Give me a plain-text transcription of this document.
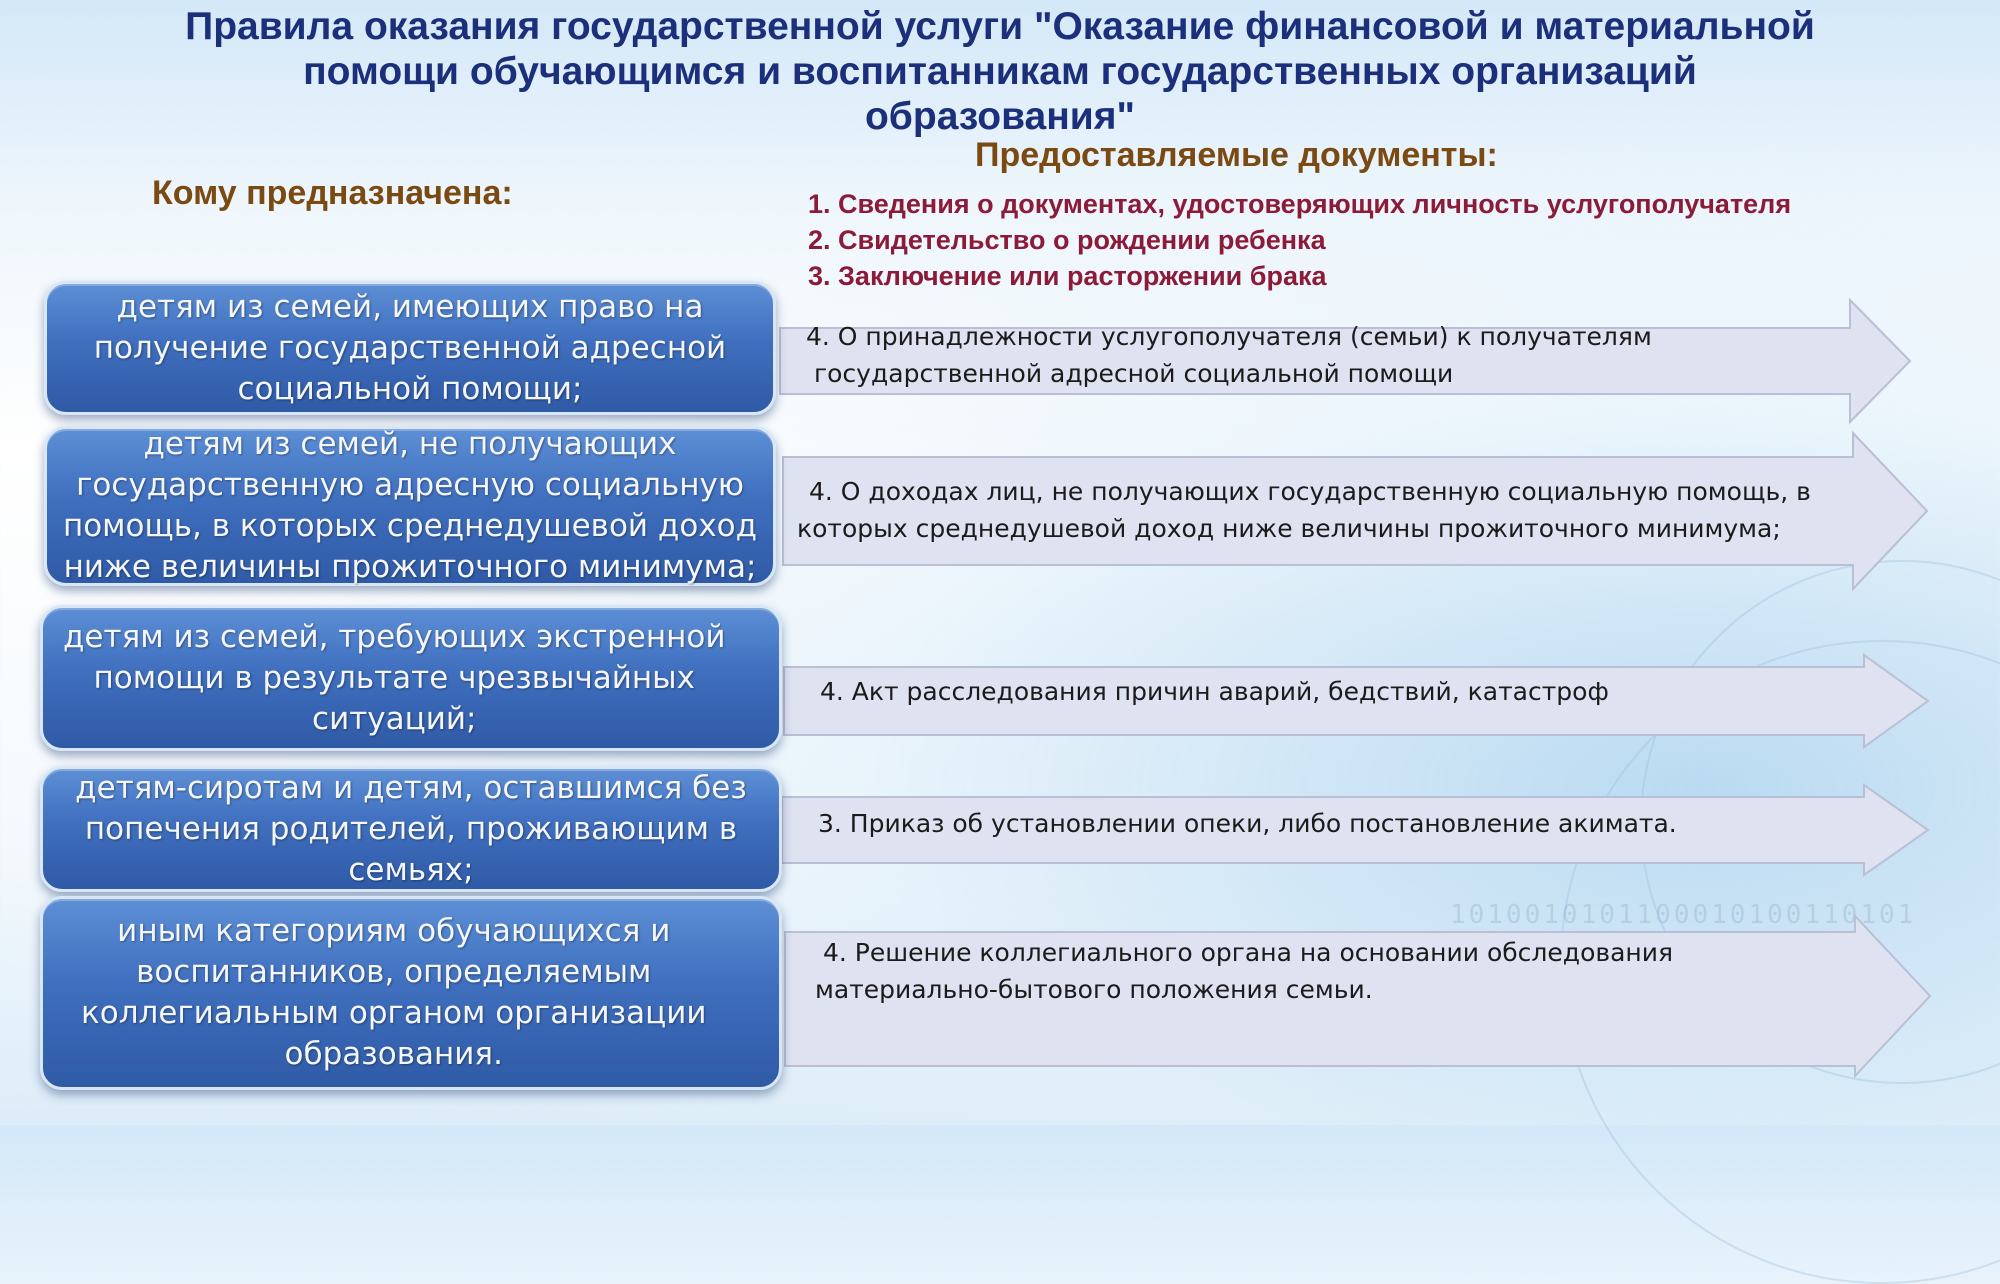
1010010101100010100110101
Правила оказания государственной услуги "Оказание финансовой и материальной
помощи обучающимся и воспитанникам государственных организаций
образования"
Предоставляемые документы:
Кому предназначена:	1. Сведения о документах, удостоверяющих личность услугополучателя
2. Свидетельство о рождении ребенка
3. Заключение или расторжении брака

4. О принадлежности услугополучателя (семьи) к получателям
государственной адресной социальной помощи

детям из семей, имеющих право на
получение государственной адресной
социальной помощи;

4. О доходах лиц, не получающих государственную социальную помощь, в
которых среднедушевой доход ниже величины прожиточного минимума;

детям из семей, не получающих
государственную адресную социальную
помощь, в которых среднедушевой доход
ниже величины прожиточного минимума;

4. Акт расследования причин аварий, бедствий, катастроф

детям из семей, требующих экстренной
помощи в результате чрезвычайных
ситуаций;

3. Приказ об установлении опеки, либо постановление акимата.

детям-сиротам и детям, оставшимся без
попечения родителей, проживающим в
семьях;

4. Решение коллегиального органа на основании обследования
материально-бытового положения семьи.

иным категориям обучающихся и
воспитанников, определяемым
коллегиальным органом организации
образования.
